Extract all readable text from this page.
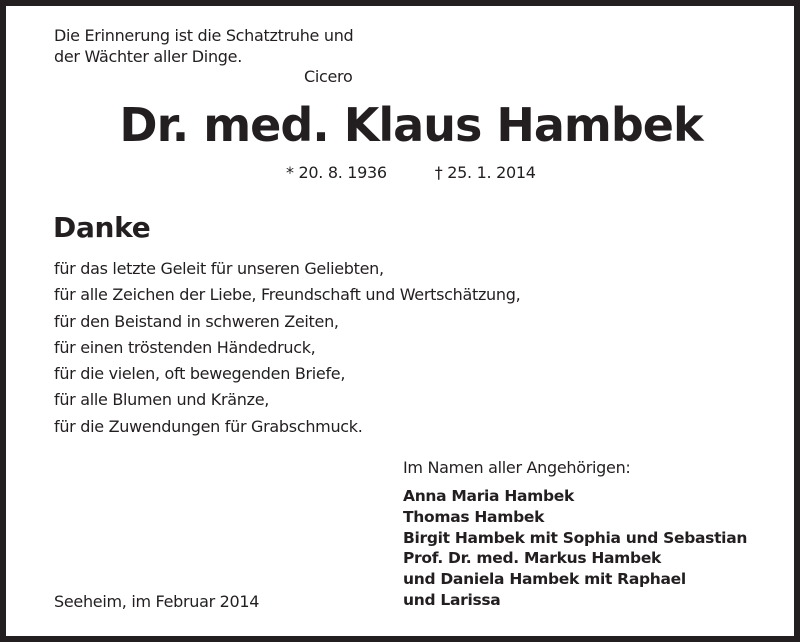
Die Erinnerung ist die Schatztruhe und
der Wächter aller Dinge.
Cicero
Dr. med. Klaus Hambek
* 20. 8. 1936	† 25. 1. 2014
Danke
für das letzte Geleit für unseren Geliebten,
für alle Zeichen der Liebe, Freundschaft und Wertschätzung,
für den Beistand in schweren Zeiten,
für einen tröstenden Händedruck,
für die vielen, oft bewegenden Briefe,
für alle Blumen und Kränze,
für die Zuwendungen für Grabschmuck.
Im Namen aller Angehörigen:
Anna Maria Hambek
Thomas Hambek
Birgit Hambek mit Sophia und Sebastian
Prof. Dr. med. Markus Hambek
und Daniela Hambek mit Raphael
und Larissa
Seeheim, im Februar 2014
